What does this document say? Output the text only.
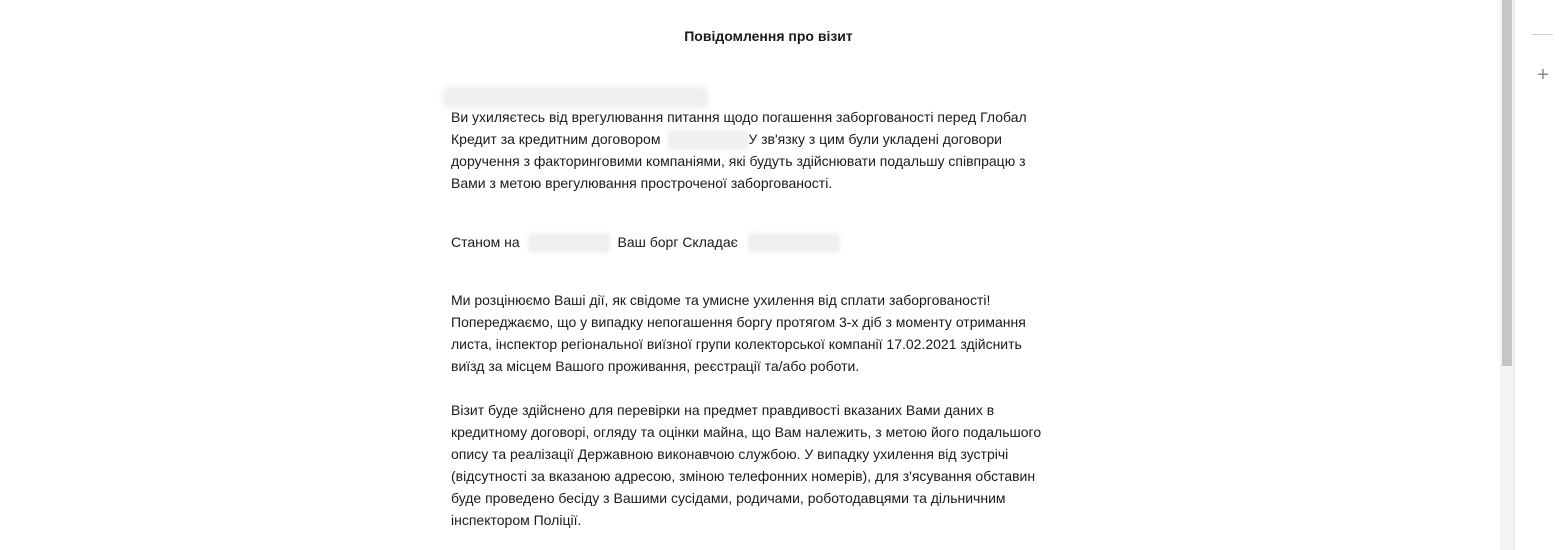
Повідомлення про візит
Ви ухиляєтесь від врегулювання питання щодо погашення заборгованості перед Глобал
Кредит за кредитним договором	У зв'язку з цим були укладені договори
доручення з факторинговими компаніями, які будуть здійснювати подальшу співпрацю з
Вами з метою врегулювання простроченої заборгованості.
Станом на	Ваш борг Складає
Ми розцінюємо Ваші дії, як свідоме та умисне ухилення від сплати заборгованості!
Попереджаємо, що у випадку непогашення боргу протягом 3-х діб з моменту отримання
листа, інспектор регіональної виїзної групи колекторської компанії 17.02.2021 здійснить
виїзд за місцем Вашого проживання, реєстрації та/або роботи.
Візит буде здійснено для перевірки на предмет правдивості вказаних Вами даних в
кредитному договорі, огляду та оцінки майна, що Вам належить, з метою його подальшого
опису та реалізації Державною виконавчою службою. У випадку ухилення від зустрічі
(відсутності за вказаною адресою, зміною телефонних номерів), для з'ясування обставин
буде проведено бесіду з Вашими сусідами, родичами, роботодавцями та дільничним
інспектором Поліції.
+
